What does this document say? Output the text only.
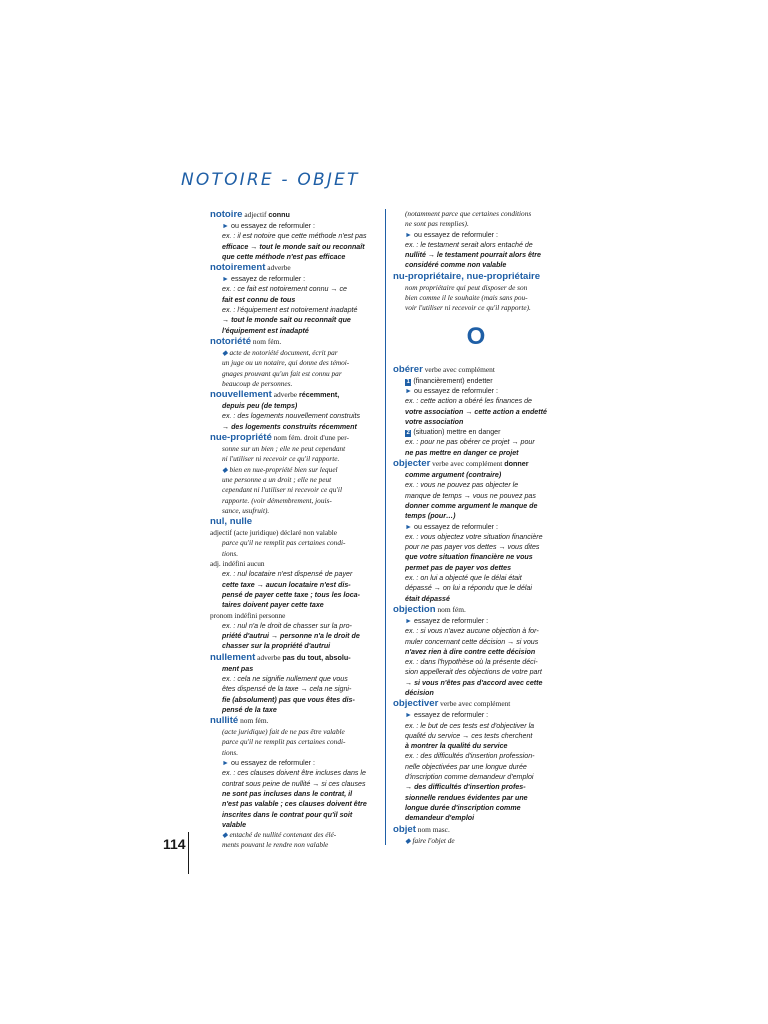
NOTOIRE - OBJET
notoire adjectif connu
► ou essayez de reformuler :
ex. : il est notoire que cette méthode n'est pas
efficace → tout le monde sait ou reconnaît
que cette méthode n'est pas efficace
notoirement adverbe
► essayez de reformuler :
ex. : ce fait est notoirement connu → ce
fait est connu de tous
ex. : l'équipement est notoirement inadapté
→ tout le monde sait ou reconnaît que
l'équipement est inadapté
notoriété nom fém.
◆ acte de notoriété document, écrit par
un juge ou un notaire, qui donne des témoi-
gnages prouvant qu'un fait est connu par
beaucoup de personnes.
nouvellement adverbe récemment,
depuis peu (de temps)
ex. : des logements nouvellement construits
→ des logements construits récemment
nue-propriété nom fém. droit d'une per-
sonne sur un bien ; elle ne peut cependant
ni l'utiliser ni recevoir ce qu'il rapporte.
◆ bien en nue-propriété bien sur lequel
une personne a un droit ; elle ne peut
cependant ni l'utiliser ni recevoir ce qu'il
rapporte. (voir démembrement, jouis-
sance, usufruit).
nul, nulle
adjectif (acte juridique) déclaré non valable
parce qu'il ne remplit pas certaines condi-
tions.
adj. indéfini aucun
ex. : nul locataire n'est dispensé de payer
cette taxe → aucun locataire n'est dis-
pensé de payer cette taxe ; tous les loca-
taires doivent payer cette taxe
pronom indéfini personne
ex. : nul n'a le droit de chasser sur la pro-
priété d'autrui → personne n'a le droit de
chasser sur la propriété d'autrui
nullement adverbe pas du tout, absolu-
ment pas
ex. : cela ne signifie nullement que vous
êtes dispensé de la taxe → cela ne signi-
fie (absolument) pas que vous êtes dis-
pensé de la taxe
nullité nom fém.
(acte juridique) fait de ne pas être valable
parce qu'il ne remplit pas certaines condi-
tions.
► ou essayez de reformuler :
ex. : ces clauses doivent être incluses dans le
contrat sous peine de nullité → si ces clauses
ne sont pas incluses dans le contrat, il
n'est pas valable ; ces clauses doivent être
inscrites dans le contrat pour qu'il soit
valable
◆ entaché de nullité contenant des élé-
ments pouvant le rendre non valable
(notamment parce que certaines conditions
ne sont pas remplies).
► ou essayez de reformuler :
ex. : le testament serait alors entaché de
nullité → le testament pourrait alors être
considéré comme non valable
nu-propriétaire, nue-propriétaire
nom propriétaire qui peut disposer de son
bien comme il le souhaite (mais sans pou-
voir l'utiliser ni recevoir ce qu'il rapporte).
O
obérer verbe avec complément
1 (financièrement) endetter
► ou essayez de reformuler :
ex. : cette action a obéré les finances de
votre association → cette action a endetté
votre association
2 (situation) mettre en danger
ex. : pour ne pas obérer ce projet → pour
ne pas mettre en danger ce projet
objecter verbe avec complément donner
comme argument (contraire)
ex. : vous ne pouvez pas objecter le
manque de temps → vous ne pouvez pas
donner comme argument le manque de
temps (pour…)
► ou essayez de reformuler :
ex. : vous objectez votre situation financière
pour ne pas payer vos dettes → vous dites
que votre situation financière ne vous
permet pas de payer vos dettes
ex. : on lui a objecté que le délai était
dépassé → on lui a répondu que le délai
était dépassé
objection nom fém.
► essayez de reformuler :
ex. : si vous n'avez aucune objection à for-
muler concernant cette décision → si vous
n'avez rien à dire contre cette décision
ex. : dans l'hypothèse où la présente déci-
sion appellerait des objections de votre part
→ si vous n'êtes pas d'accord avec cette
décision
objectiver verbe avec complément
► essayez de reformuler :
ex. : le but de ces tests est d'objectiver la
qualité du service → ces tests cherchent
à montrer la qualité du service
ex. : des difficultés d'insertion profession-
nelle objectivées par une longue durée
d'inscription comme demandeur d'emploi
→ des difficultés d'insertion profes-
sionnelle rendues évidentes par une
longue durée d'inscription comme
demandeur d'emploi
objet nom masc.
◆ faire l'objet de
114
